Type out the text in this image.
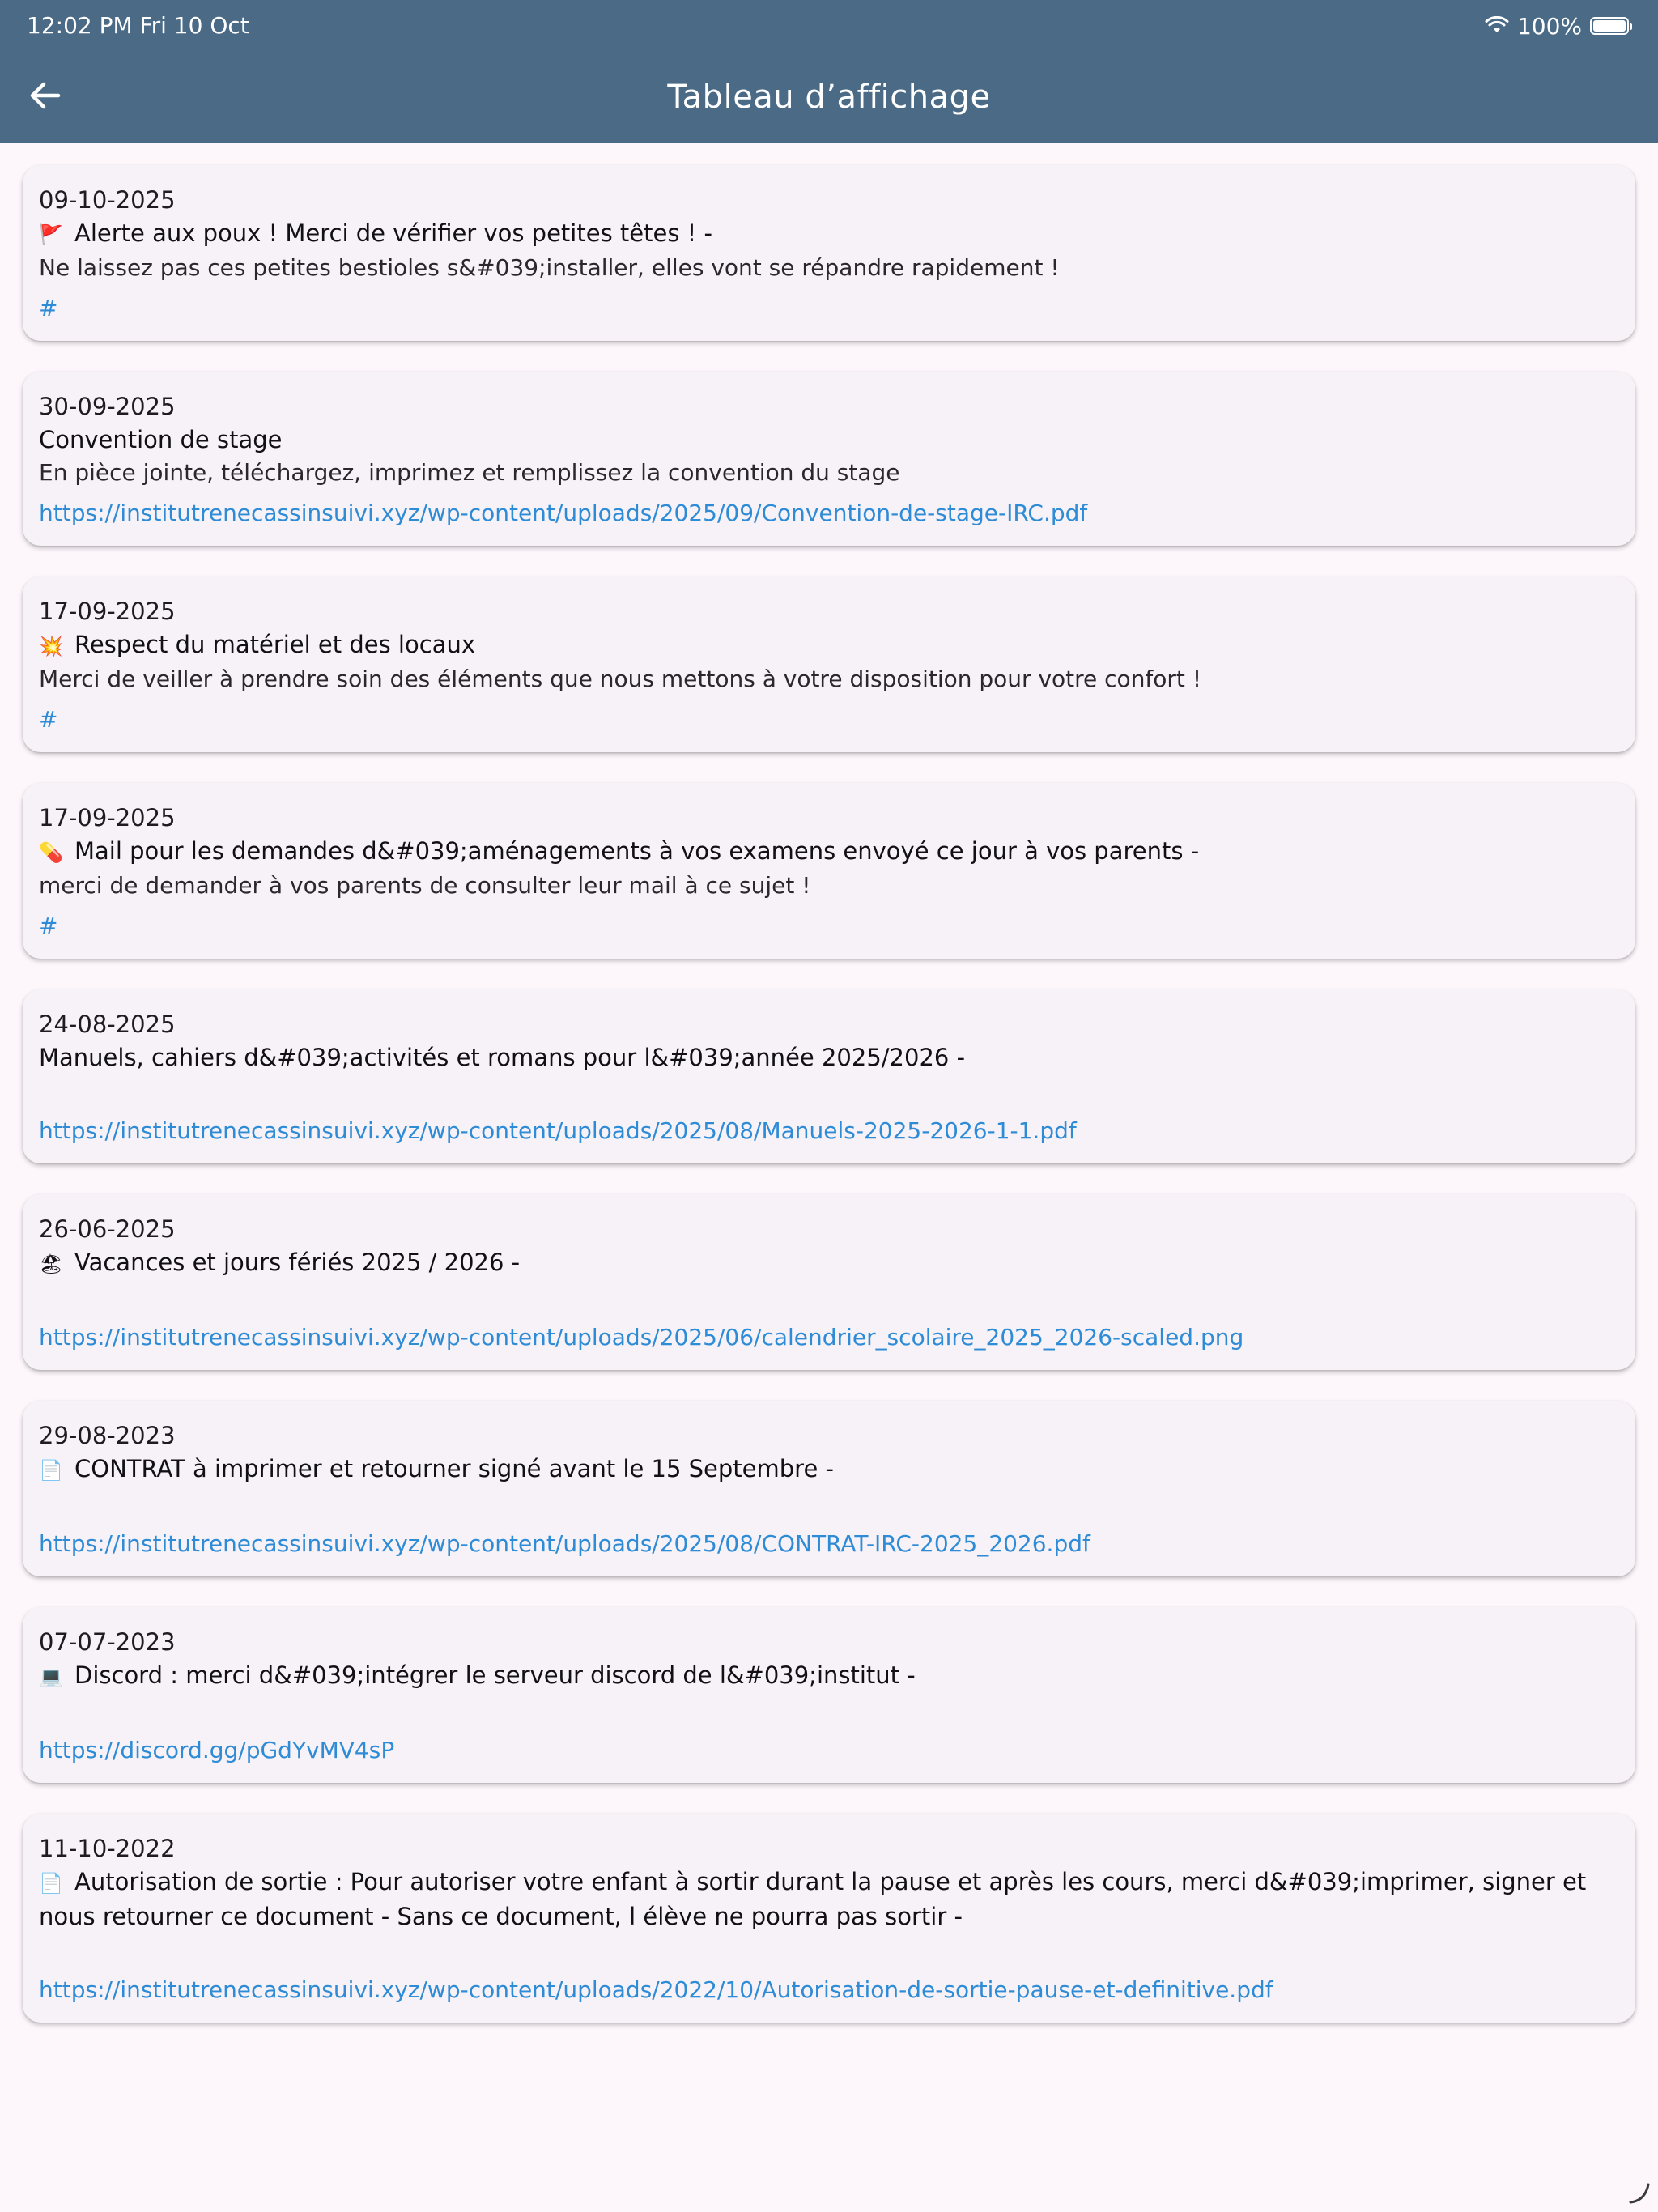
12:02 PM Fri 10 Oct	100%
Tableau d’affichage
09-10-2025
🚩 Alerte aux poux ! Merci de vérifier vos petites têtes ! -
Ne laissez pas ces petites bestioles s&#039;installer, elles vont se répandre rapidement !
#
30-09-2025
Convention de stage
En pièce jointe, téléchargez, imprimez et remplissez la convention du stage
https://institutrenecassinsuivi.xyz/wp-content/uploads/2025/09/Convention-de-stage-IRC.pdf
17-09-2025
💥 Respect du matériel et des locaux
Merci de veiller à prendre soin des éléments que nous mettons à votre disposition pour votre confort !
#
17-09-2025
💊 Mail pour les demandes d&#039;aménagements à vos examens envoyé ce jour à vos parents -
merci de demander à vos parents de consulter leur mail à ce sujet !
#
24-08-2025
Manuels, cahiers d&#039;activités et romans pour l&#039;année 2025/2026 -
https://institutrenecassinsuivi.xyz/wp-content/uploads/2025/08/Manuels-2025-2026-1-1.pdf
26-06-2025
🏖 Vacances et jours fériés 2025 / 2026 -
https://institutrenecassinsuivi.xyz/wp-content/uploads/2025/06/calendrier_scolaire_2025_2026-scaled.png
29-08-2023
📄 CONTRAT à imprimer et retourner signé avant le 15 Septembre -
https://institutrenecassinsuivi.xyz/wp-content/uploads/2025/08/CONTRAT-IRC-2025_2026.pdf
07-07-2023
💻 Discord : merci d&#039;intégrer le serveur discord de l&#039;institut -
https://discord.gg/pGdYvMV4sP
11-10-2022
📄 Autorisation de sortie : Pour autoriser votre enfant à sortir durant la pause et après les cours, merci d&#039;imprimer, signer et nous retourner ce document - Sans ce document, l élève ne pourra pas sortir -
https://institutrenecassinsuivi.xyz/wp-content/uploads/2022/10/Autorisation-de-sortie-pause-et-definitive.pdf
